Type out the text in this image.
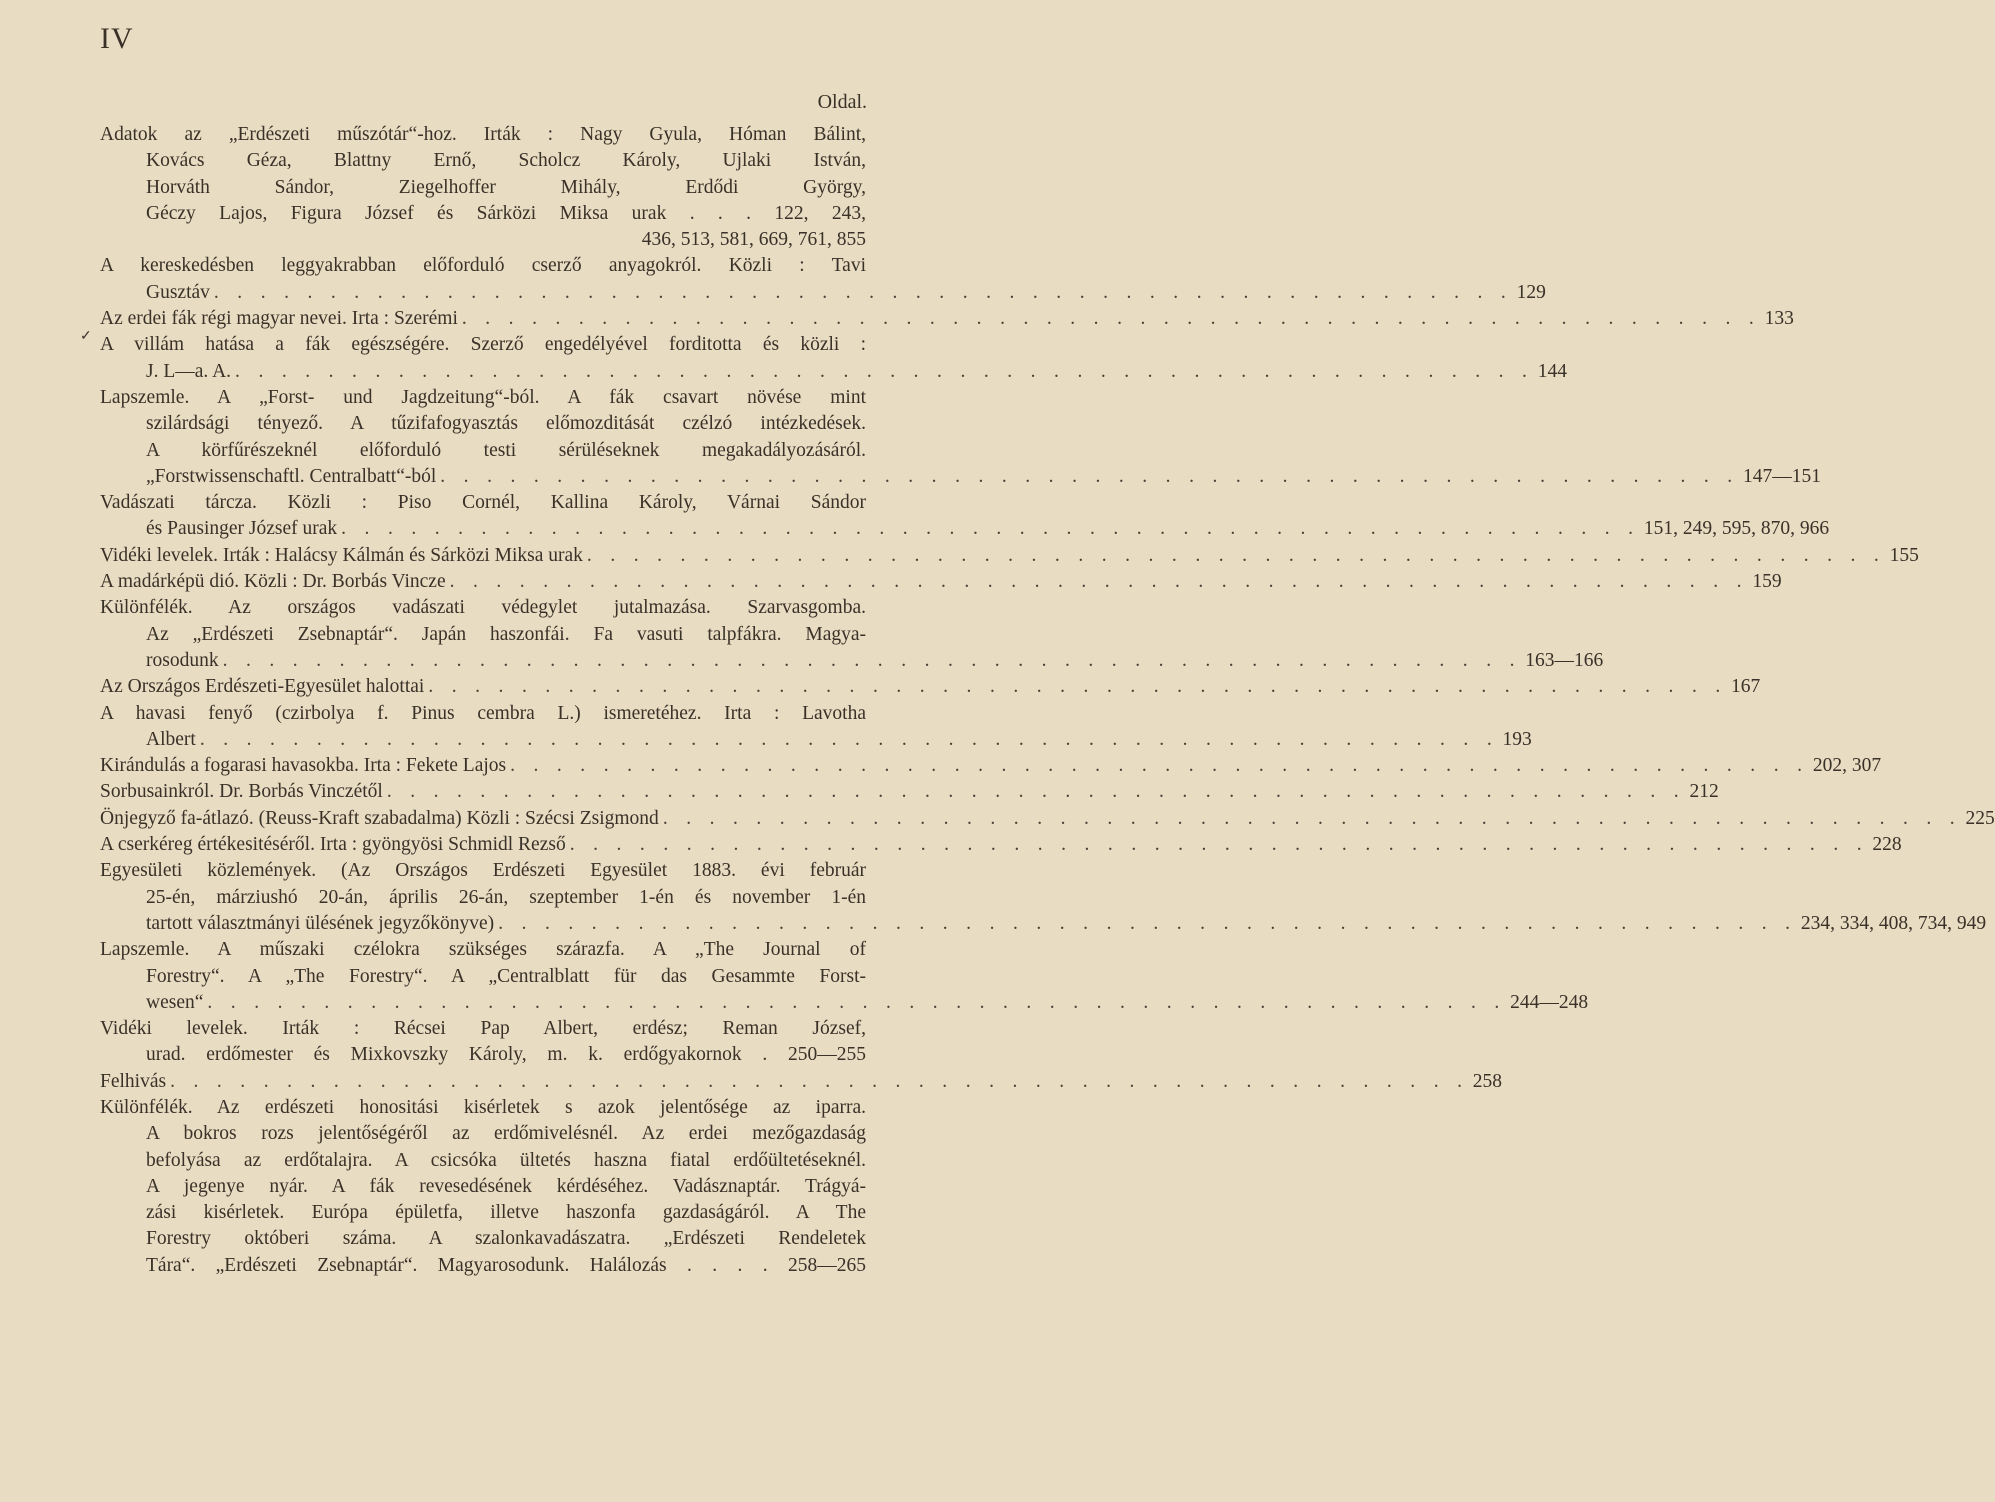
IV
Oldal.
Adatok az „Erdészeti műszótár“-hoz. Irták : Nagy Gyula, Hóman Bálint,
Kovács Géza, Blattny Ernő, Scholcz Károly, Ujlaki István,
Horváth Sándor, Ziegelhoffer Mihály, Erdődi György,
Géczy Lajos, Figura József és Sárközi Miksa urak . . . 122, 243,
436, 513, 581, 669, 761, 855
A kereskedésben leggyakrabban előforduló cserző anyagokról. Közli : Tavi
Gusztáv . . . . . . . . . . . . . . . . . . . . . . . . . . . . . . . . . . . . . . . . . . . . . . . . . . . . . . . . 129
Az erdei fák régi magyar nevei. Irta : Szerémi . . . . . . . . . . . . . . . . . . . . . . . . . . . . . . . . . . . . . . . . . . . . . . . . . . . . . . . . 133
✓ A villám hatása a fák egészségére. Szerző engedélyével forditotta és közli :
J. L—a. A. . . . . . . . . . . . . . . . . . . . . . . . . . . . . . . . . . . . . . . . . . . . . . . . . . . . . . . . . 144
Lapszemle. A „Forst- und Jagdzeitung“-ból. A fák csavart növése mint
szilárdsági tényező. A tűzifafogyasztás előmozditását czélzó intézkedések.
A körfűrészeknél előforduló testi sérüléseknek megakadályozásáról.
„Forstwissenschaftl. Centralbatt“-ból . . . . . . . . . . . . . . . . . . . . . . . . . . . . . . . . . . . . . . . . . . . . . . . . . . . . . . . . 147—151
Vadászati tárcza. Közli : Piso Cornél, Kallina Károly, Várnai Sándor
és Pausinger József urak . . . . . . . . . . . . . . . . . . . . . . . . . . . . . . . . . . . . . . . . . . . . . . . . . . . . . . . . 151, 249, 595, 870, 966
Vidéki levelek. Irták : Halácsy Kálmán és Sárközi Miksa urak . . . . . . . . . . . . . . . . . . . . . . . . . . . . . . . . . . . . . . . . . . . . . . . . . . . . . . . . 155
A madárképü dió. Közli : Dr. Borbás Vincze . . . . . . . . . . . . . . . . . . . . . . . . . . . . . . . . . . . . . . . . . . . . . . . . . . . . . . . . 159
Különfélék. Az országos vadászati védegylet jutalmazása. Szarvasgomba.
Az „Erdészeti Zsebnaptár“. Japán haszonfái. Fa vasuti talpfákra. Magya-
rosodunk . . . . . . . . . . . . . . . . . . . . . . . . . . . . . . . . . . . . . . . . . . . . . . . . . . . . . . . . 163—166
Az Országos Erdészeti-Egyesület halottai . . . . . . . . . . . . . . . . . . . . . . . . . . . . . . . . . . . . . . . . . . . . . . . . . . . . . . . . 167
A havasi fenyő (czirbolya f. Pinus cembra L.) ismeretéhez. Irta : Lavotha
Albert . . . . . . . . . . . . . . . . . . . . . . . . . . . . . . . . . . . . . . . . . . . . . . . . . . . . . . . . 193
Kirándulás a fogarasi havasokba. Irta : Fekete Lajos . . . . . . . . . . . . . . . . . . . . . . . . . . . . . . . . . . . . . . . . . . . . . . . . . . . . . . . . 202, 307
Sorbusainkról. Dr. Borbás Vinczétől . . . . . . . . . . . . . . . . . . . . . . . . . . . . . . . . . . . . . . . . . . . . . . . . . . . . . . . . 212
Önjegyző fa-átlazó. (Reuss-Kraft szabadalma) Közli : Szécsi Zsigmond . . . . . . . . . . . . . . . . . . . . . . . . . . . . . . . . . . . . . . . . . . . . . . . . . . . . . . . . 225
A cserkéreg értékesitéséről. Irta : gyöngyösi Schmidl Rezső . . . . . . . . . . . . . . . . . . . . . . . . . . . . . . . . . . . . . . . . . . . . . . . . . . . . . . . . 228
Egyesületi közlemények. (Az Országos Erdészeti Egyesület 1883. évi február
25-én, márziushó 20-án, április 26-án, szeptember 1-én és november 1-én
tartott választmányi ülésének jegyzőkönyve) . . . . . . . . . . . . . . . . . . . . . . . . . . . . . . . . . . . . . . . . . . . . . . . . . . . . . . . . 234, 334, 408, 734, 949
Lapszemle. A műszaki czélokra szükséges szárazfa. A „The Journal of
Forestry“. A „The Forestry“. A „Centralblatt für das Gesammte Forst-
wesen“ . . . . . . . . . . . . . . . . . . . . . . . . . . . . . . . . . . . . . . . . . . . . . . . . . . . . . . . . 244—248
Vidéki levelek. Irták : Récsei Pap Albert, erdész; Reman József,
urad. erdőmester és Mixkovszky Károly, m. k. erdőgyakornok . 250—255
Felhivás . . . . . . . . . . . . . . . . . . . . . . . . . . . . . . . . . . . . . . . . . . . . . . . . . . . . . . . . 258
Különfélék. Az erdészeti honositási kisérletek s azok jelentősége az iparra.
A bokros rozs jelentőségéről az erdőmivelésnél. Az erdei mezőgazdaság
befolyása az erdőtalajra. A csicsóka ültetés haszna fiatal erdőültetéseknél.
A jegenye nyár. A fák revesedésének kérdéséhez. Vadásznaptár. Trágyá-
zási kisérletek. Európa épületfa, illetve haszonfa gazdaságáról. A The
Forestry októberi száma. A szalonkavadászatra. „Erdészeti Rendeletek
Tára“. „Erdészeti Zsebnaptár“. Magyarosodunk. Halálozás . . . . 258—265
